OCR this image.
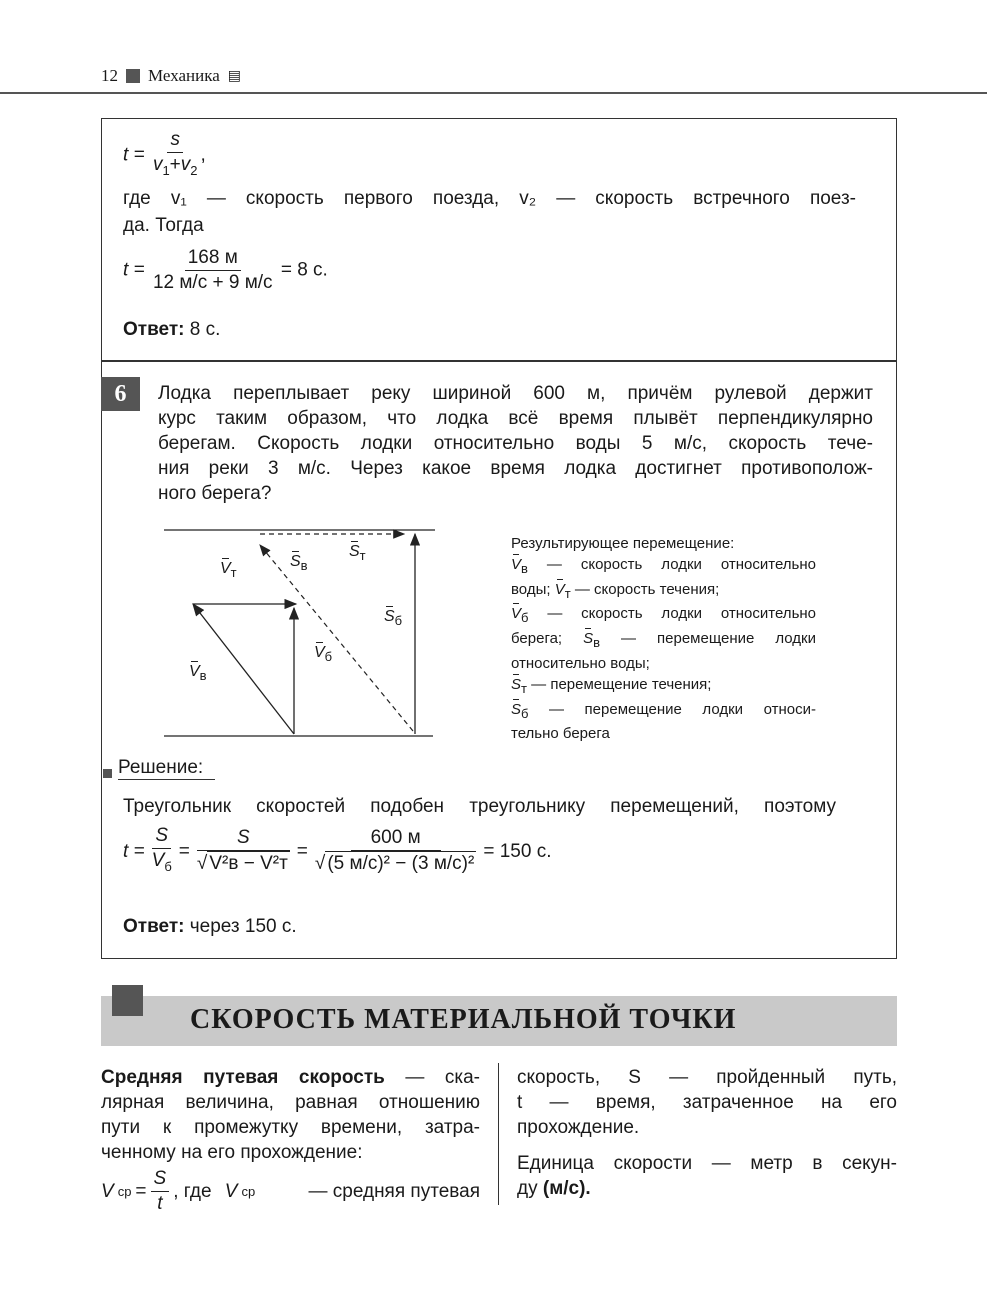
12 Механика ▤
$t = \frac{s}{v_1+v_2}$ ,
где v₁ — скорость первого поезда, v₂ — скорость встречного поез-
да. Тогда
$t = \frac{168 м}{12 м/с + 9 м/с} = 8$ с.
Ответ: 8 с.
6	Лодка переплывает реку шириной 600 м, причём рулевой держит
курс таким образом, что лодка всё время плывёт перпендикулярно
берегам. Скорость лодки относительно воды 5 м/с, скорость тече-
ния реки 3 м/с. Через какое время лодка достигнет противополож-
ного берега?
$V_т$
$S_в$
$S_т$
$S_б$
$V_б$
$V_в$
Результирующее перемещение:
$V_в$ — скорость лодки относительно
воды; $V_т$ — скорость течения;
$V_б$ — скорость лодки относительно
берега; $S_в$ — перемещение лодки
относительно воды;
$S_т$ — перемещение течения;
$S_б$ — перемещение лодки относи-
тельно берега
Решение:
Треугольник скоростей подобен треугольнику перемещений, поэтому
$t = \frac{S}{V_б} = \frac{S}{\text{√ V²в − V²т}} = \frac{600 м}{\text{√ (5 м/с)² − (3 м/с)²}} = 150$ с.
Ответ: через 150 с.
СКОРОСТЬ МАТЕРИАЛЬНОЙ ТОЧКИ
Средняя путевая скорость — ска-
лярная величина, равная отношению
пути к промежутку времени, затра-
ченному на его прохождение:
V ср = $\frac{S}{t}$ , где
V ср	— средняя путевая
скорость, S — пройденный путь,
t — время, затраченное на его
прохождение.
Единица скорости — метр в секун-
ду (м/с).
